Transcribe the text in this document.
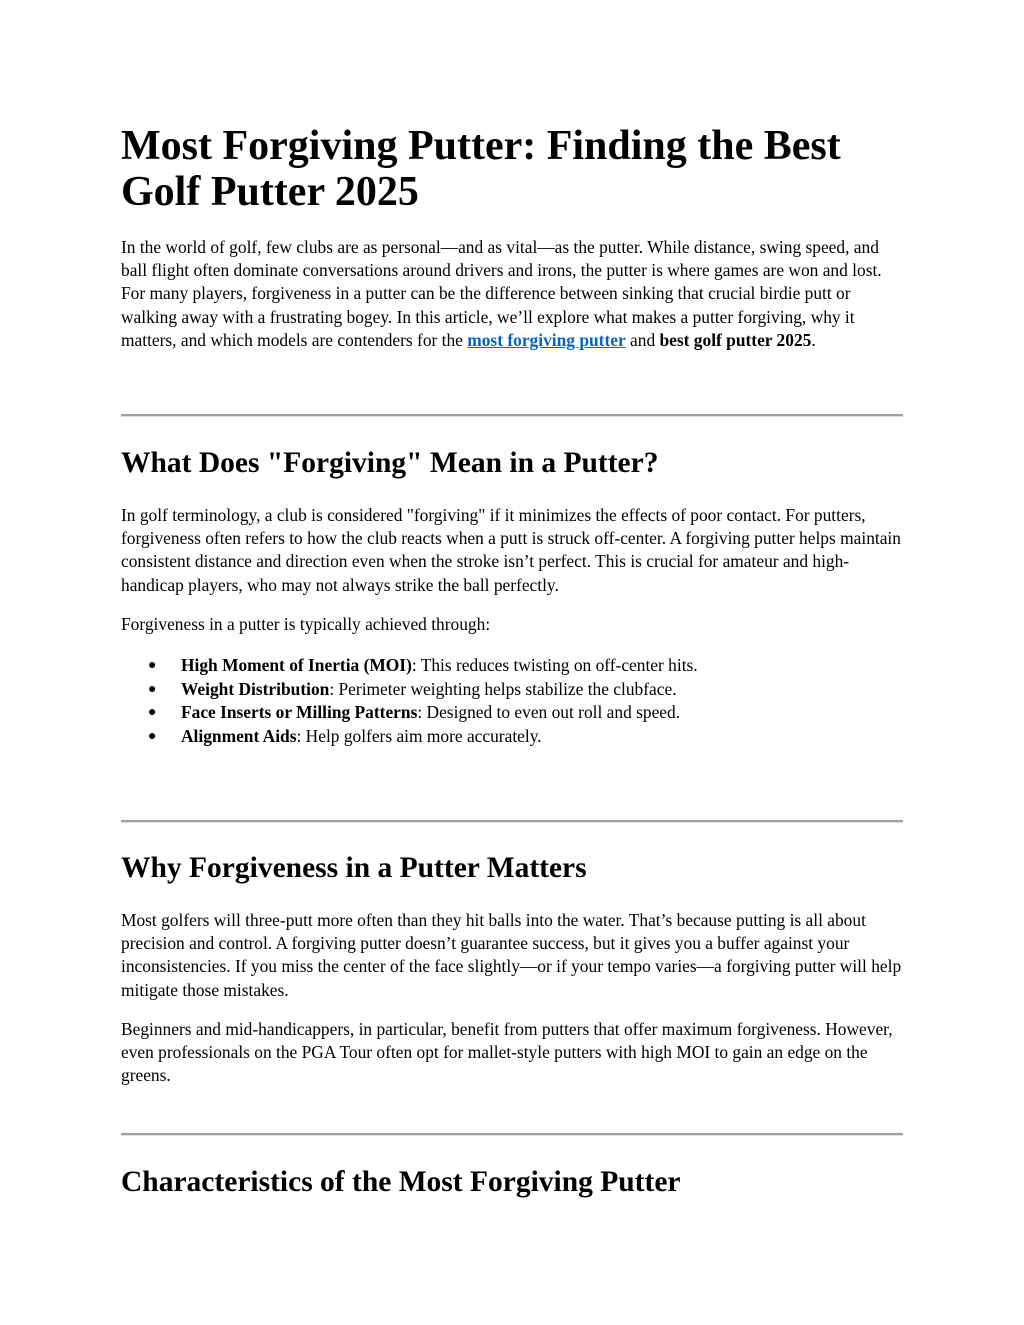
Most Forgiving Putter: Finding the Best Golf Putter 2025

In the world of golf, few clubs are as personal—and as vital—as the putter. While distance, swing speed, and ball flight often dominate conversations around drivers and irons, the putter is where games are won and lost. For many players, forgiveness in a putter can be the difference between sinking that crucial birdie putt or walking away with a frustrating bogey. In this article, we’ll explore what makes a putter forgiving, why it matters, and which models are contenders for the most forgiving putter and best golf putter 2025.

What Does "Forgiving" Mean in a Putter?

In golf terminology, a club is considered "forgiving" if it minimizes the effects of poor contact. For putters, forgiveness often refers to how the club reacts when a putt is struck off-center. A forgiving putter helps maintain consistent distance and direction even when the stroke isn’t perfect. This is crucial for amateur and high-handicap players, who may not always strike the ball perfectly.

Forgiveness in a putter is typically achieved through:

● High Moment of Inertia (MOI): This reduces twisting on off-center hits.
● Weight Distribution: Perimeter weighting helps stabilize the clubface.
● Face Inserts or Milling Patterns: Designed to even out roll and speed.
● Alignment Aids: Help golfers aim more accurately.
Why Forgiveness in a Putter Matters

Most golfers will three-putt more often than they hit balls into the water. That’s because putting is all about precision and control. A forgiving putter doesn’t guarantee success, but it gives you a buffer against your inconsistencies. If you miss the center of the face slightly—or if your tempo varies—a forgiving putter will help mitigate those mistakes.

Beginners and mid-handicappers, in particular, benefit from putters that offer maximum forgiveness. However, even professionals on the PGA Tour often opt for mallet-style putters with high MOI to gain an edge on the greens.

Characteristics of the Most Forgiving Putter
